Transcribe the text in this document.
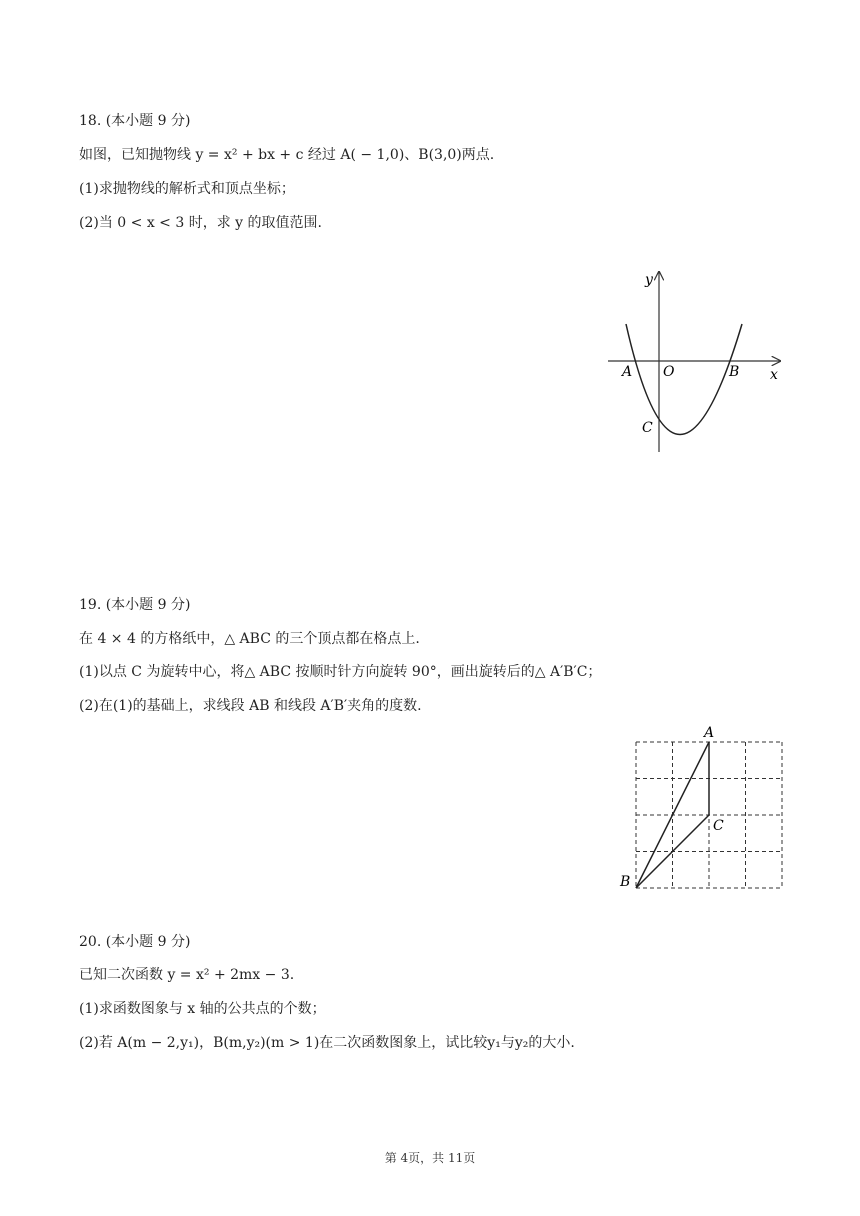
18. (本小题 9 分)
如图，已知抛物线 y = x² + bx + c 经过 A( − 1,0)、B(3,0)两点.
(1)求抛物线的解析式和顶点坐标；
(2)当 0 < x < 3 时，求 y 的取值范围.
y
x
A O	B
C
19. (本小题 9 分)
在 4 × 4 的方格纸中，△ ABC 的三个顶点都在格点上.
(1)以点 C 为旋转中心，将△ ABC 按顺时针方向旋转 90°，画出旋转后的△ A′B′C；
(2)在(1)的基础上，求线段 AB 和线段 A′B′夹角的度数.
A
C
B
20. (本小题 9 分)
已知二次函数 y = x² + 2mx − 3.
(1)求函数图象与 x 轴的公共点的个数；
(2)若 A(m − 2,y₁)，B(m,y₂)(m > 1)在二次函数图象上，试比较y₁与y₂的大小.
第 4页，共 11页
